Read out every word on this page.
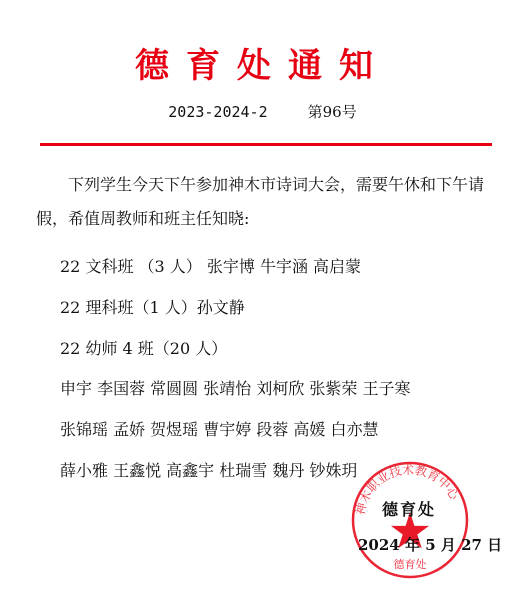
德育处通知
2023-2024-2	第96号
下列学生今天下午参加神木市诗词大会，需要午休和下午请假，希值周教师和班主任知晓:
22 文科班 （3 人） 张宇博 牛宇涵 高启蒙
22 理科班（1 人）孙文静
22 幼师 4 班（20 人）
申宇 李国蓉 常圆圆 张靖怡 刘柯欣 张紫荣 王子寒
张锦瑶 孟娇 贺煜瑶 曹宇婷 段蓉 高媛 白亦慧
薛小雅 王鑫悦 高鑫宇 杜瑞雪 魏丹 钞姝玥
神木职业技术教育中心
德育处
德育处
2024 年 5 月 27 日
